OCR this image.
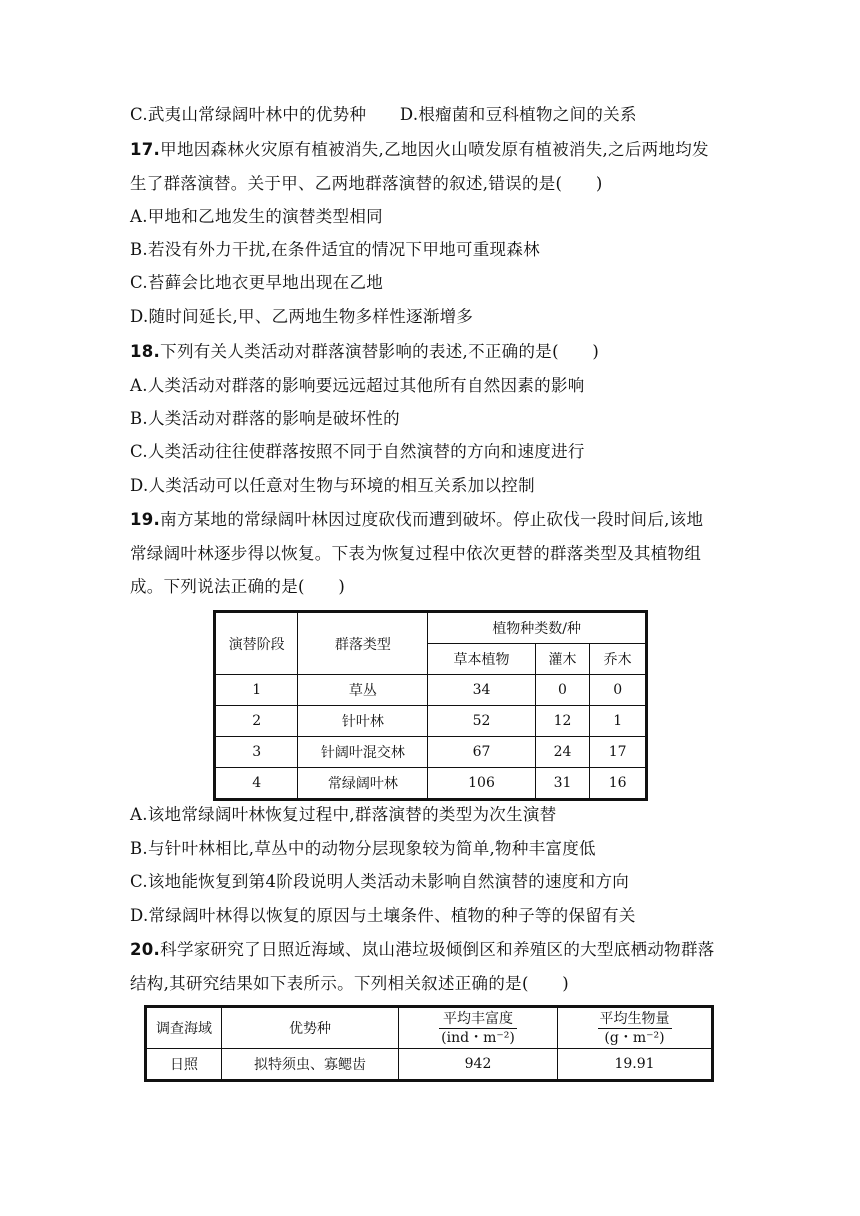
C.武夷山常绿阔叶林中的优势种　　D.根瘤菌和豆科植物之间的关系
17.甲地因森林火灾原有植被消失,乙地因火山喷发原有植被消失,之后两地均发
生了群落演替。关于甲、乙两地群落演替的叙述,错误的是(　　)
A.甲地和乙地发生的演替类型相同
B.若没有外力干扰,在条件适宜的情况下甲地可重现森林
C.苔藓会比地衣更早地出现在乙地
D.随时间延长,甲、乙两地生物多样性逐渐增多
18.下列有关人类活动对群落演替影响的表述,不正确的是(　　)
A.人类活动对群落的影响要远远超过其他所有自然因素的影响
B.人类活动对群落的影响是破坏性的
C.人类活动往往使群落按照不同于自然演替的方向和速度进行
D.人类活动可以任意对生物与环境的相互关系加以控制
19.南方某地的常绿阔叶林因过度砍伐而遭到破坏。停止砍伐一段时间后,该地
常绿阔叶林逐步得以恢复。下表为恢复过程中依次更替的群落类型及其植物组
成。下列说法正确的是(　　)
演替阶段	群落类型	植物种类数/种		
		草本植物	灌木	乔木
1	草丛	34	0	0
2	针叶林	52	12	1
3	针阔叶混交林	67	24	17
4	常绿阔叶林	106	31	16
A.该地常绿阔叶林恢复过程中,群落演替的类型为次生演替
B.与针叶林相比,草丛中的动物分层现象较为简单,物种丰富度低
C.该地能恢复到第4阶段说明人类活动未影响自然演替的速度和方向
D.常绿阔叶林得以恢复的原因与土壤条件、植物的种子等的保留有关
20.科学家研究了日照近海域、岚山港垃圾倾倒区和养殖区的大型底栖动物群落
结构,其研究结果如下表所示。下列相关叙述正确的是(　　)
调查海域	优势种	$\frac{\text{平均丰富度}}{\text{(ind・m⁻²)}}$	$\frac{\text{平均生物量}}{\text{(g・m⁻²)}}$

日照	拟特须虫、寡鳃齿	942	19.91
